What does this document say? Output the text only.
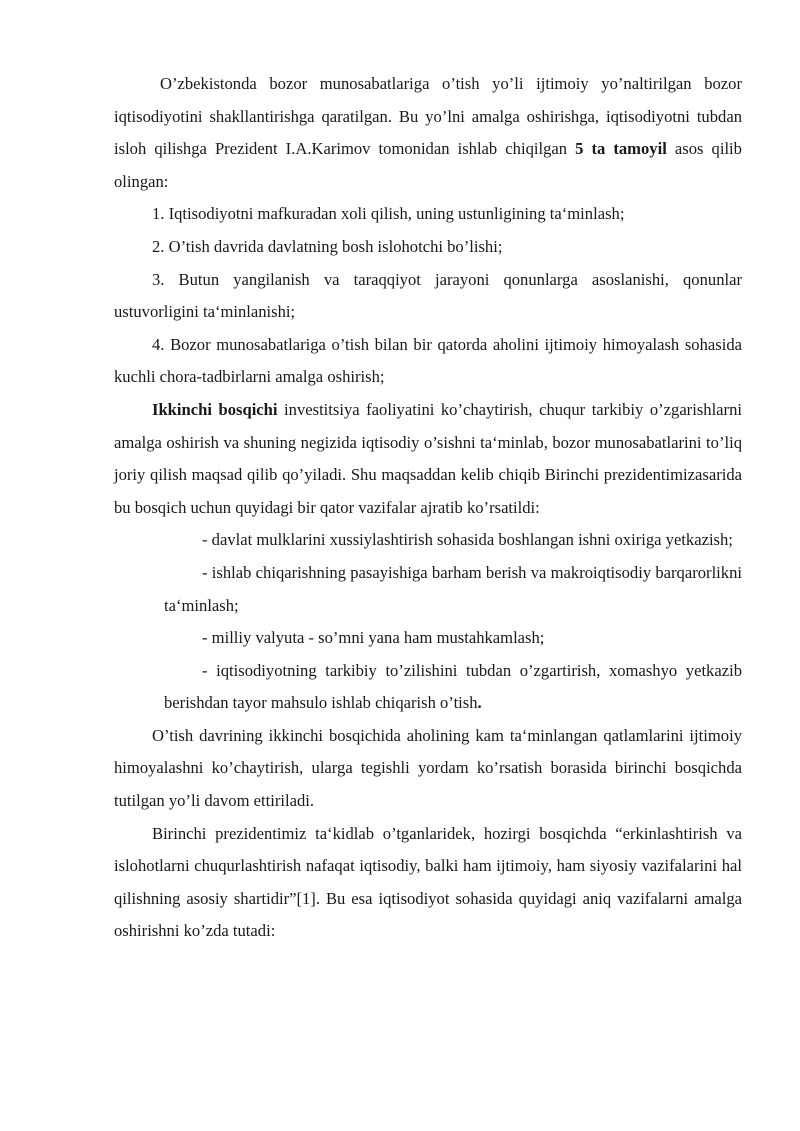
O’zbekistonda bozor munosabatlariga o’tish yo’li ijtimoiy yo’naltirilgan bozor iqtisodiyotini shakllantirishga qaratilgan. Bu yo’lni amalga oshirishga, iqtisodiyotni tubdan isloh qilishga Prezident I.A.Karimov tomonidan ishlab chiqilgan 5 ta tamoyil asos qilib olingan:

1. Iqtisodiyotni mafkuradan xoli qilish, uning ustunligining ta‘minlash;

2. O’tish davrida davlatning bosh islohotchi bo’lishi;

3. Butun yangilanish va taraqqiyot jarayoni qonunlarga asoslanishi, qonunlar ustuvorligini ta‘minlanishi;

4. Bozor munosabatlariga o’tish bilan bir qatorda aholini ijtimoiy himoyalash sohasida kuchli chora-tadbirlarni amalga oshirish;

Ikkinchi bosqichi investitsiya faoliyatini ko’chaytirish, chuqur tarkibiy o’zgarishlarni amalga oshirish va shuning negizida iqtisodiy o’sishni ta‘minlab, bozor munosabatlarini to’liq joriy qilish maqsad qilib qo’yiladi. Shu maqsaddan kelib chiqib Birinchi prezidentimizasarida bu bosqich uchun quyidagi bir qator vazifalar ajratib ko’rsatildi:

- davlat mulklarini xussiylashtirish sohasida boshlangan ishni oxiriga yetkazish;

- ishlab chiqarishning pasayishiga barham berish va makroiqtisodiy barqarorlikni ta‘minlash;

- milliy valyuta - so’mni yana ham mustahkamlash;

- iqtisodiyotning tarkibiy to’zilishini tubdan o’zgartirish, xomashyo yetkazib berishdan tayor mahsulo ishlab chiqarish o’tish.

O’tish davrining ikkinchi bosqichida aholining kam ta‘minlangan qatlamlarini ijtimoiy himoyalashni ko’chaytirish, ularga tegishli yordam ko’rsatish borasida birinchi bosqichda tutilgan yo’li davom ettiriladi.

Birinchi prezidentimiz ta‘kidlab o’tganlaridek, hozirgi bosqichda “erkinlashtirish va islohotlarni chuqurlashtirish nafaqat iqtisodiy, balki ham ijtimoiy, ham siyosiy vazifalarini hal qilishning asosiy shartidir”[1]. Bu esa iqtisodiyot sohasida quyidagi aniq vazifalarni amalga oshirishni ko’zda tutadi:
